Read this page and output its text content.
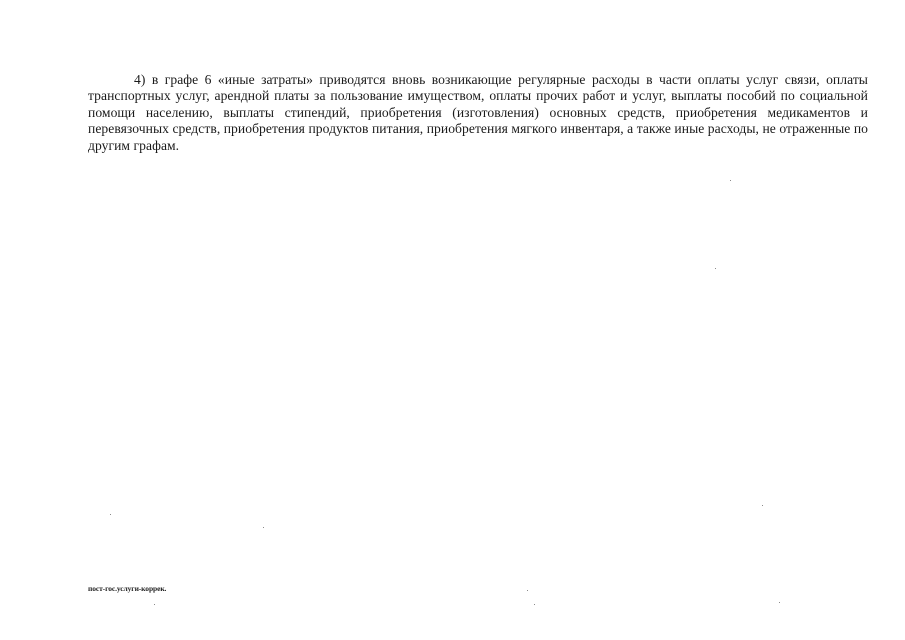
4) в графе 6 «иные затраты» приводятся вновь возникающие регулярные расходы в части оплаты услуг связи, оплаты транспортных услуг, арендной платы за пользование имуществом, оплаты прочих работ и услуг, выплаты пособий по социальной помощи населению, выплаты стипендий, приобретения (изготовления) основных средств, приобретения медикаментов и перевязочных средств, приобретения продуктов питания, приобретения мягкого инвентаря, а также иные расходы, не отраженные по другим графам.

пост-гос.услуги-коррек.
